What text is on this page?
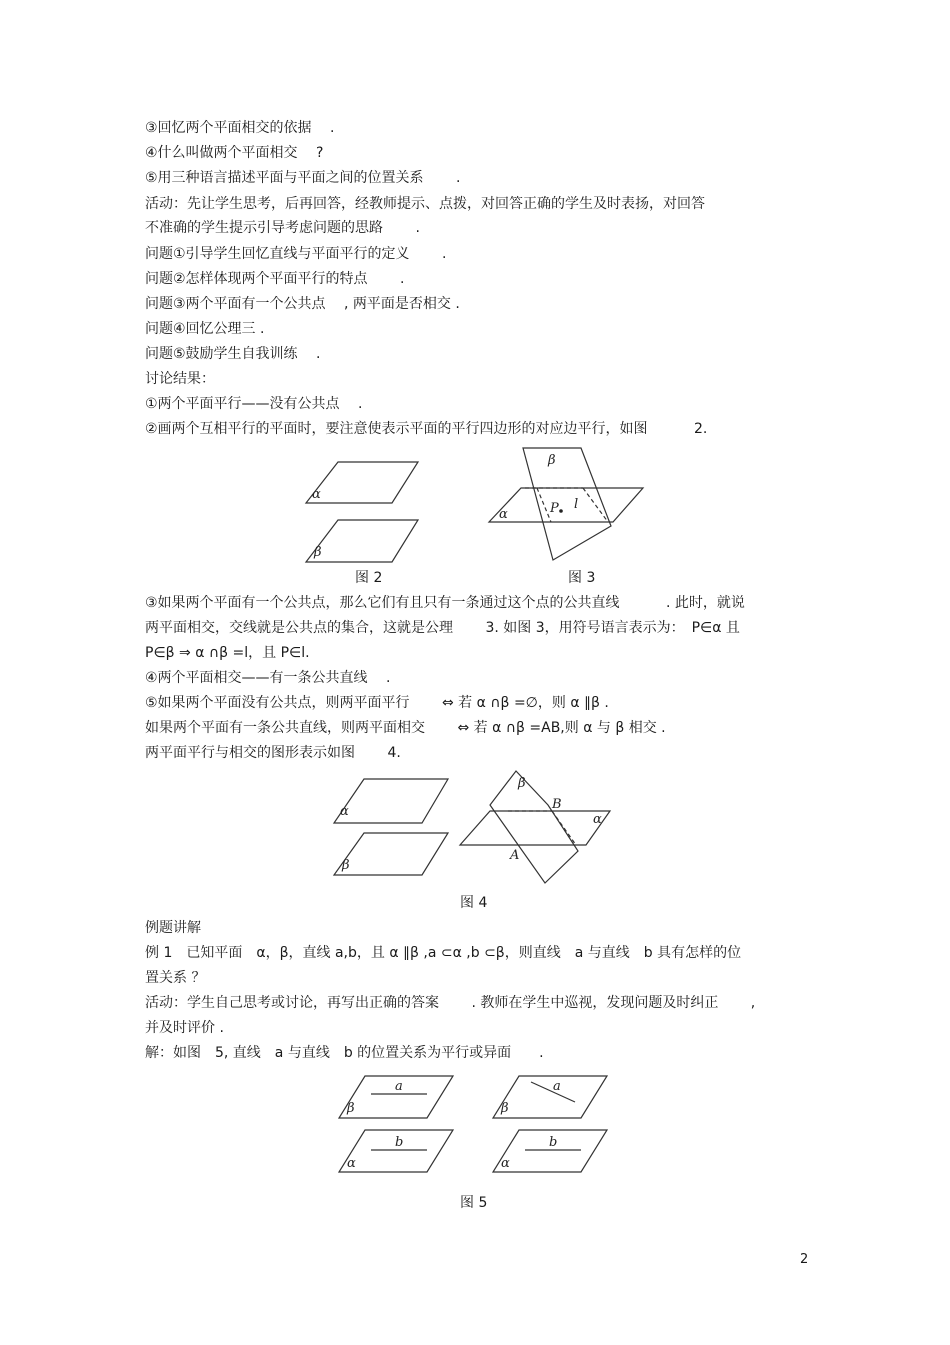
③回忆两个平面相交的依据　 .
④什么叫做两个平面相交　 ?
⑤用三种语言描述平面与平面之间的位置关系　　 .
活动：先让学生思考，后再回答，经教师提示、点拨，对回答正确的学生及时表扬，对回答
不准确的学生提示引导考虑问题的思路　　 .
问题①引导学生回忆直线与平面平行的定义　　 .
问题②怎样体现两个平面平行的特点　　 .
问题③两个平面有一个公共点　 , 两平面是否相交 .
问题④回忆公理三 .
问题⑤鼓励学生自我训练　 .
讨论结果：
①两个平面平行——没有公共点　 .
②画两个互相平行的平面时，要注意使表示平面的平行四边形的对应边平行，如图　　　 2.
α
β
图 2
β
α	P l
图 3
③如果两个平面有一个公共点，那么它们有且只有一条通过这个点的公共直线　　　 . 此时，就说
两平面相交，交线就是公共点的集合，这就是公理　　 3. 如图 3，用符号语言表示为：　P∈α 且
P∈β ⇒ α ∩β =l，且 P∈l.
④两个平面相交——有一条公共直线　 .
⑤如果两个平面没有公共点，则两平面平行　　 ⇔ 若 α ∩β =∅，则 α ∥β .
如果两个平面有一条公共直线，则两平面相交　　 ⇔ 若 α ∩β =AB,则 α 与 β 相交 .
两平面平行与相交的图形表示如图　　 4.
α
β
β
α
B
A
图 4
例题讲解
例 1　已知平面　α，β，直线 a,b，且 α ∥β ,a ⊂α ,b ⊂β，则直线　a 与直线　b 具有怎样的位
置关系 ？
活动：学生自己思考或讨论，再写出正确的答案　　 . 教师在学生中巡视，发现问题及时纠正　　 ,
并及时评价 .
解：如图　5, 直线　a 与直线　b 的位置关系为平行或异面　　.
a
β
b
α
a
β
b
α
图 5
2
